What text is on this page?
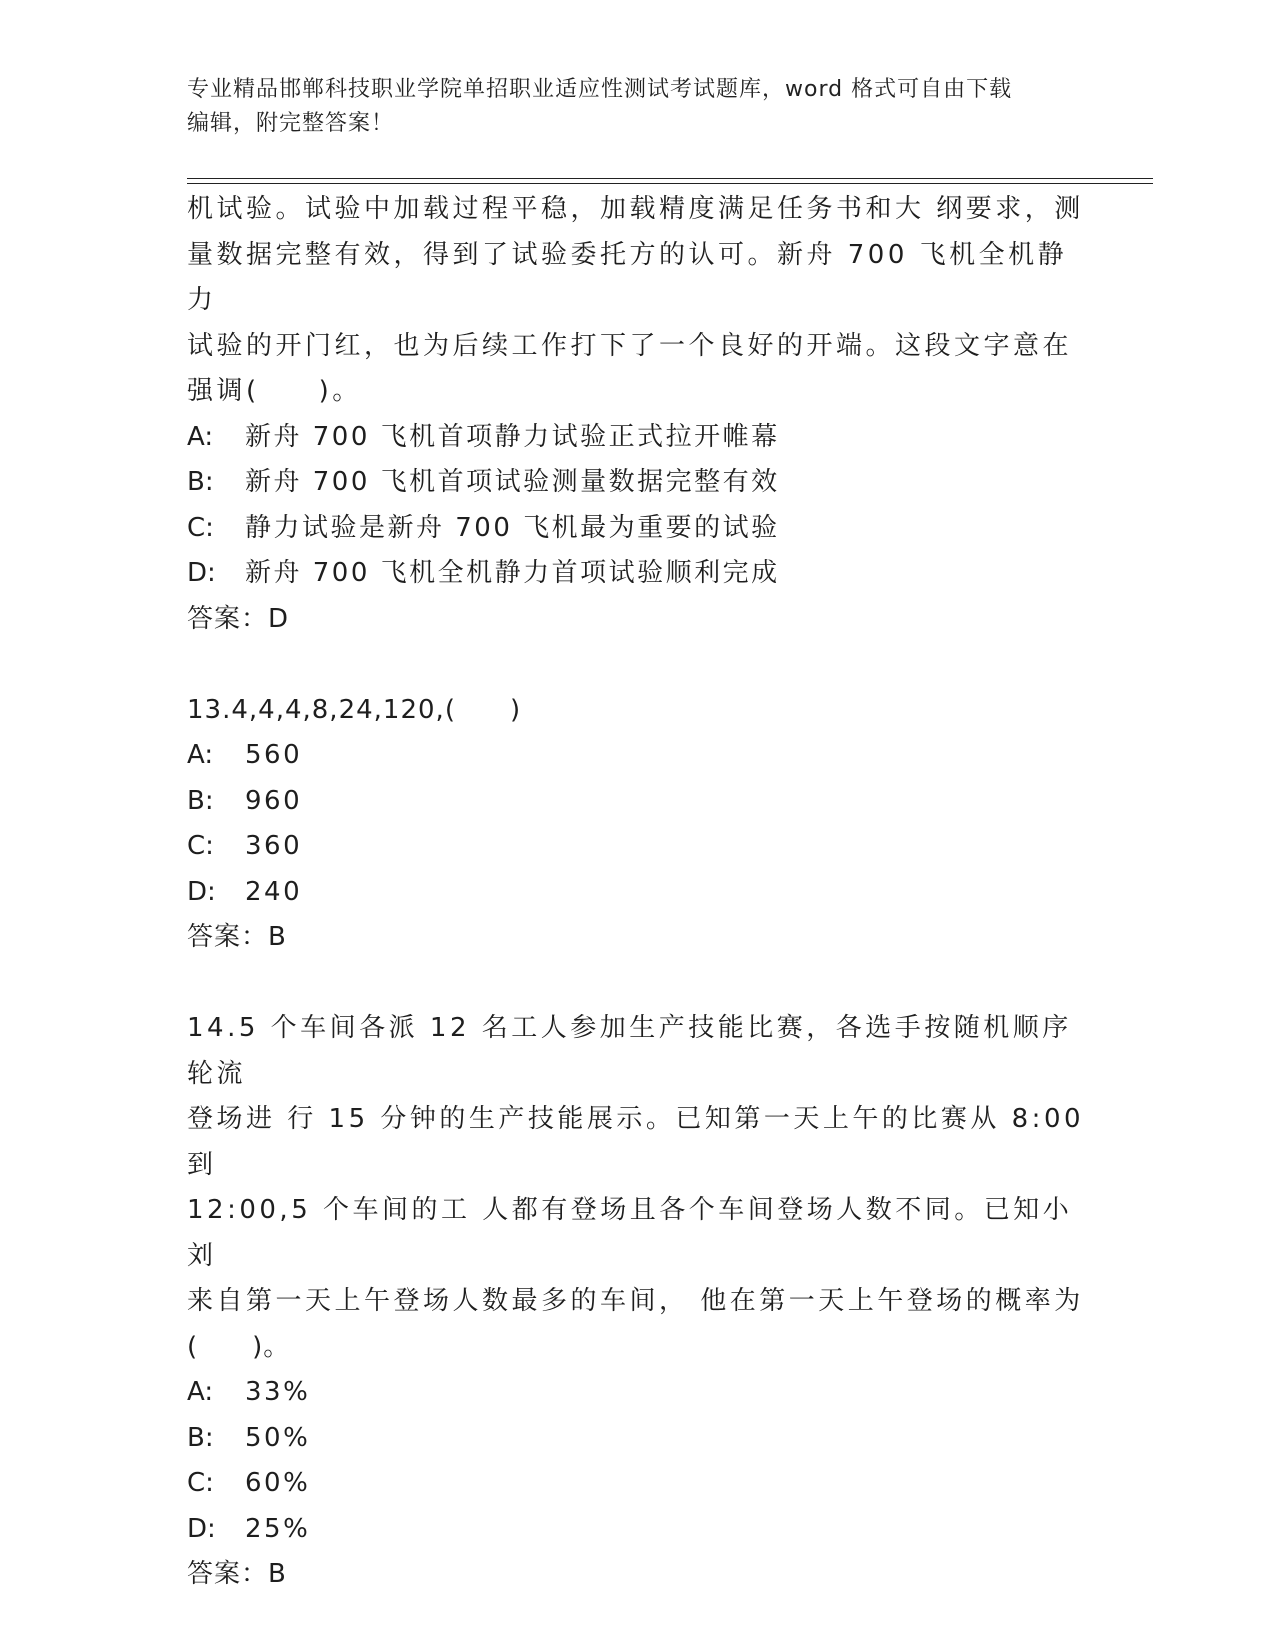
专业精品邯郸科技职业学院单招职业适应性测试考试题库，word 格式可自由下载
编辑，附完整答案！

机试验。试验中加载过程平稳，加载精度满足任务书和大 纲要求，测

量数据完整有效，得到了试验委托方的认可。新舟 700 飞机全机静力

试验的开门红，也为后续工作打下了一个良好的开端。这段文字意在

强调(　　)。

A:	新舟 700 飞机首项静力试验正式拉开帷幕

B:	新舟 700 飞机首项试验测量数据完整有效

C:	静力试验是新舟 700 飞机最为重要的试验

D:	新舟 700 飞机全机静力首项试验顺利完成

答案：D

13.4,4,4,8,24,120,(　　)

A:	560

B:	960

C:	360

D:	240

答案：B

14.5 个车间各派 12 名工人参加生产技能比赛，各选手按随机顺序轮流

登场进 行 15 分钟的生产技能展示。已知第一天上午的比赛从 8:00 到

12:00,5 个车间的工 人都有登场且各个车间登场人数不同。已知小刘

来自第一天上午登场人数最多的车间， 他在第一天上午登场的概率为

(　　)。

A:	33%

B:	50%

C:	60%

D:	25%

答案：B
